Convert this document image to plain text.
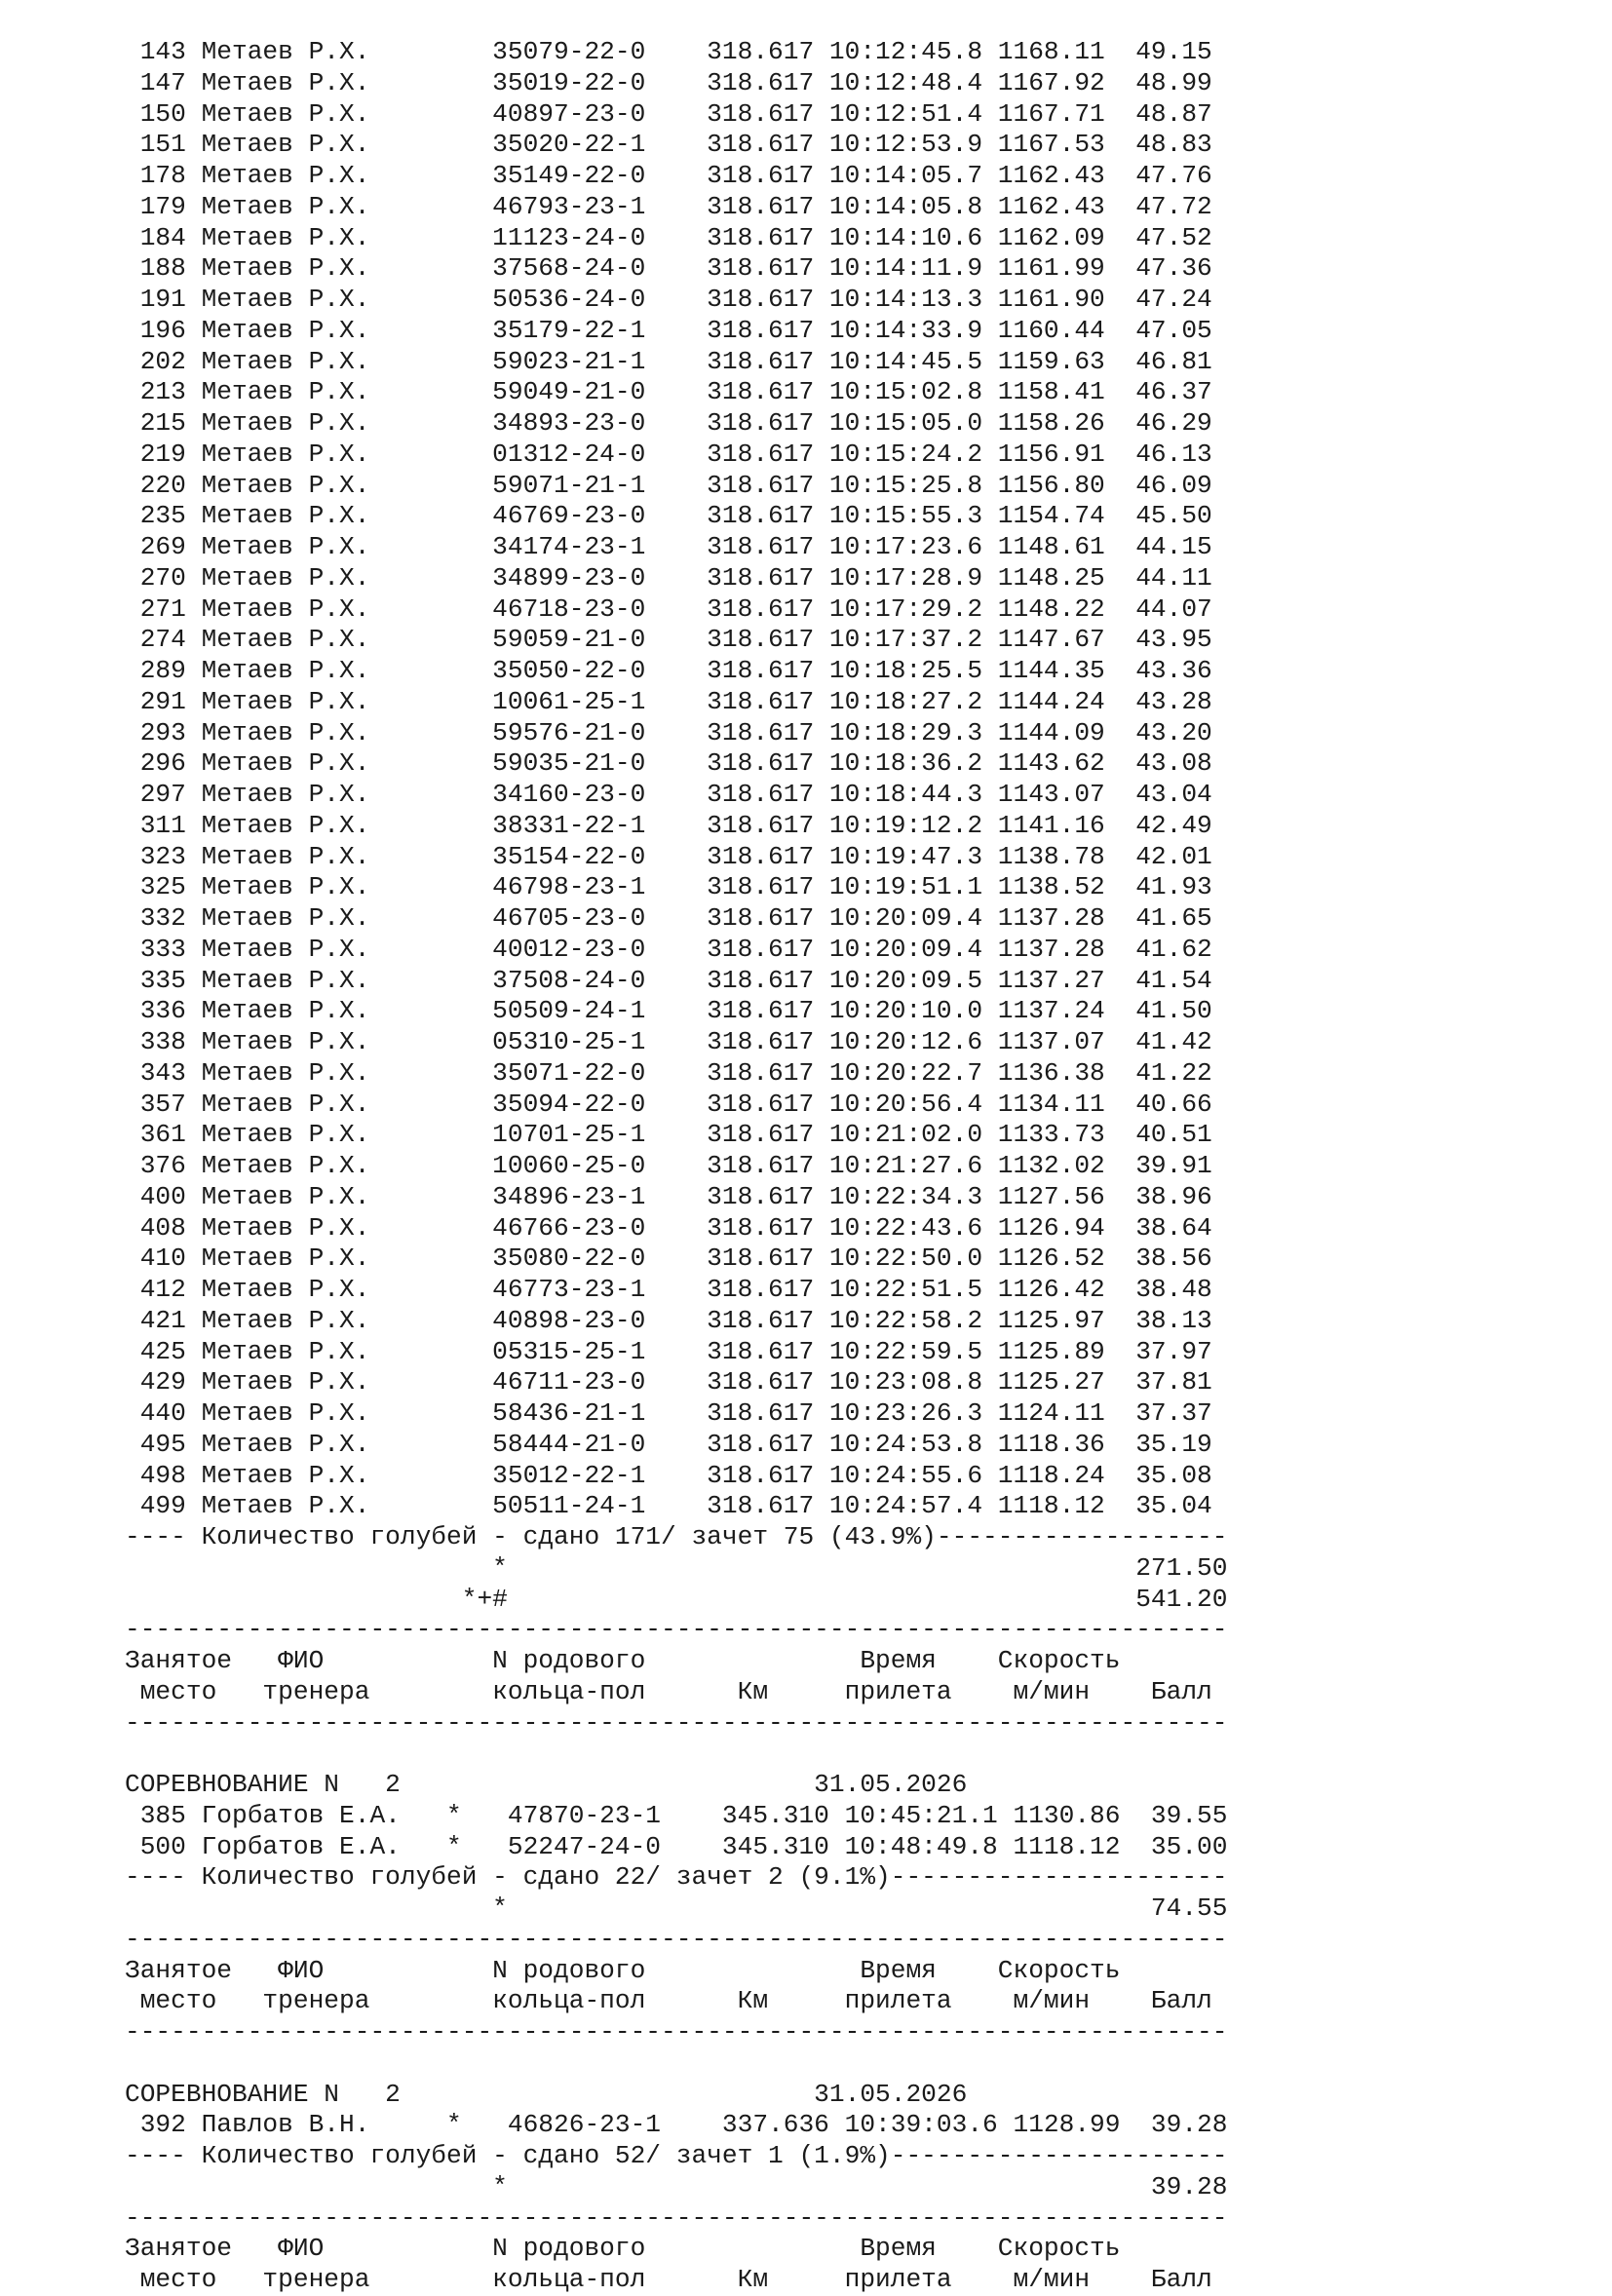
143 Метаев Р.Х.        35079-22-0    318.617 10:12:45.8 1168.11  49.15
147 Метаев Р.Х.        35019-22-0    318.617 10:12:48.4 1167.92  48.99
150 Метаев Р.Х.        40897-23-0    318.617 10:12:51.4 1167.71  48.87
151 Метаев Р.Х.        35020-22-1    318.617 10:12:53.9 1167.53  48.83
178 Метаев Р.Х.        35149-22-0    318.617 10:14:05.7 1162.43  47.76
179 Метаев Р.Х.        46793-23-1    318.617 10:14:05.8 1162.43  47.72
184 Метаев Р.Х.        11123-24-0    318.617 10:14:10.6 1162.09  47.52
188 Метаев Р.Х.        37568-24-0    318.617 10:14:11.9 1161.99  47.36
191 Метаев Р.Х.        50536-24-0    318.617 10:14:13.3 1161.90  47.24
196 Метаев Р.Х.        35179-22-1    318.617 10:14:33.9 1160.44  47.05
202 Метаев Р.Х.        59023-21-1    318.617 10:14:45.5 1159.63  46.81
213 Метаев Р.Х.        59049-21-0    318.617 10:15:02.8 1158.41  46.37
215 Метаев Р.Х.        34893-23-0    318.617 10:15:05.0 1158.26  46.29
219 Метаев Р.Х.        01312-24-0    318.617 10:15:24.2 1156.91  46.13
220 Метаев Р.Х.        59071-21-1    318.617 10:15:25.8 1156.80  46.09
235 Метаев Р.Х.        46769-23-0    318.617 10:15:55.3 1154.74  45.50
269 Метаев Р.Х.        34174-23-1    318.617 10:17:23.6 1148.61  44.15
270 Метаев Р.Х.        34899-23-0    318.617 10:17:28.9 1148.25  44.11
271 Метаев Р.Х.        46718-23-0    318.617 10:17:29.2 1148.22  44.07
274 Метаев Р.Х.        59059-21-0    318.617 10:17:37.2 1147.67  43.95
289 Метаев Р.Х.        35050-22-0    318.617 10:18:25.5 1144.35  43.36
291 Метаев Р.Х.        10061-25-1    318.617 10:18:27.2 1144.24  43.28
293 Метаев Р.Х.        59576-21-0    318.617 10:18:29.3 1144.09  43.20
296 Метаев Р.Х.        59035-21-0    318.617 10:18:36.2 1143.62  43.08
297 Метаев Р.Х.        34160-23-0    318.617 10:18:44.3 1143.07  43.04
311 Метаев Р.Х.        38331-22-1    318.617 10:19:12.2 1141.16  42.49
323 Метаев Р.Х.        35154-22-0    318.617 10:19:47.3 1138.78  42.01
325 Метаев Р.Х.        46798-23-1    318.617 10:19:51.1 1138.52  41.93
332 Метаев Р.Х.        46705-23-0    318.617 10:20:09.4 1137.28  41.65
333 Метаев Р.Х.        40012-23-0    318.617 10:20:09.4 1137.28  41.62
335 Метаев Р.Х.        37508-24-0    318.617 10:20:09.5 1137.27  41.54
336 Метаев Р.Х.        50509-24-1    318.617 10:20:10.0 1137.24  41.50
338 Метаев Р.Х.        05310-25-1    318.617 10:20:12.6 1137.07  41.42
343 Метаев Р.Х.        35071-22-0    318.617 10:20:22.7 1136.38  41.22
357 Метаев Р.Х.        35094-22-0    318.617 10:20:56.4 1134.11  40.66
361 Метаев Р.Х.        10701-25-1    318.617 10:21:02.0 1133.73  40.51
376 Метаев Р.Х.        10060-25-0    318.617 10:21:27.6 1132.02  39.91
400 Метаев Р.Х.        34896-23-1    318.617 10:22:34.3 1127.56  38.96
408 Метаев Р.Х.        46766-23-0    318.617 10:22:43.6 1126.94  38.64
410 Метаев Р.Х.        35080-22-0    318.617 10:22:50.0 1126.52  38.56
412 Метаев Р.Х.        46773-23-1    318.617 10:22:51.5 1126.42  38.48
421 Метаев Р.Х.        40898-23-0    318.617 10:22:58.2 1125.97  38.13
425 Метаев Р.Х.        05315-25-1    318.617 10:22:59.5 1125.89  37.97
429 Метаев Р.Х.        46711-23-0    318.617 10:23:08.8 1125.27  37.81
440 Метаев Р.Х.        58436-21-1    318.617 10:23:26.3 1124.11  37.37
495 Метаев Р.Х.        58444-21-0    318.617 10:24:53.8 1118.36  35.19
498 Метаев Р.Х.        35012-22-1    318.617 10:24:55.6 1118.24  35.08
499 Метаев Р.Х.        50511-24-1    318.617 10:24:57.4 1118.12  35.04
---- Количество голубей - сдано 171/ зачет 75 (43.9%)-------------------
*                                         271.50
*+#                                         541.20
------------------------------------------------------------------------
Занятое   ФИО           N родового              Время    Скорость
место   тренера        кольца-пол      Км     прилета    м/мин    Балл
------------------------------------------------------------------------
СОРЕВНОВАНИЕ N   2                           31.05.2026
385 Горбатов Е.А.   *   47870-23-1    345.310 10:45:21.1 1130.86  39.55
500 Горбатов Е.А.   *   52247-24-0    345.310 10:48:49.8 1118.12  35.00
---- Количество голубей - сдано 22/ зачет 2 (9.1%)----------------------
*                                          74.55
------------------------------------------------------------------------
Занятое   ФИО           N родового              Время    Скорость
место   тренера        кольца-пол      Км     прилета    м/мин    Балл
------------------------------------------------------------------------
СОРЕВНОВАНИЕ N   2                           31.05.2026
392 Павлов В.Н.     *   46826-23-1    337.636 10:39:03.6 1128.99  39.28
---- Количество голубей - сдано 52/ зачет 1 (1.9%)----------------------
*                                          39.28
------------------------------------------------------------------------
Занятое   ФИО           N родового              Время    Скорость
место   тренера        кольца-пол      Км     прилета    м/мин    Балл
